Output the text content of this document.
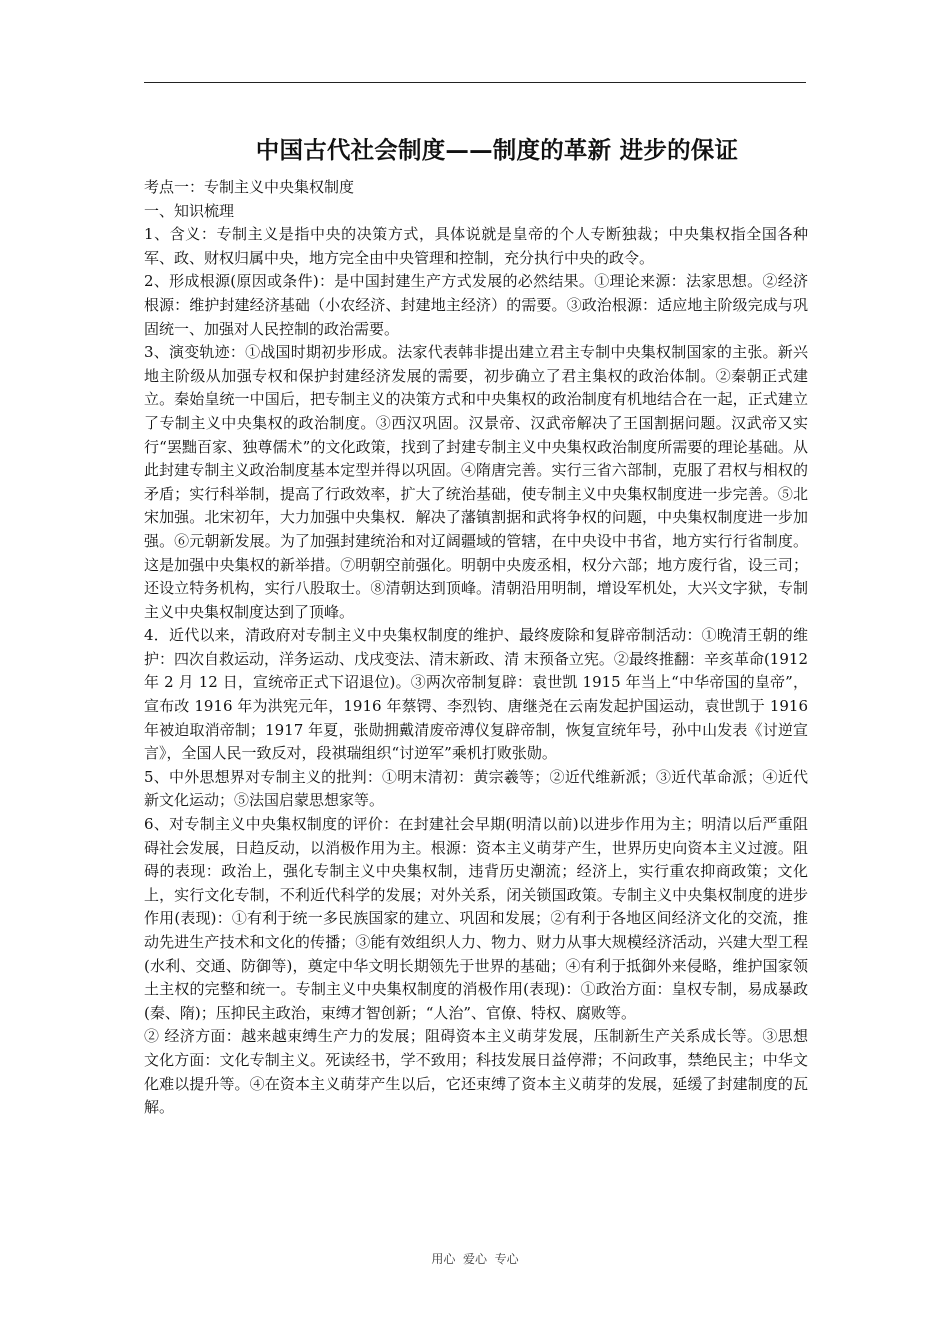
中国古代社会制度——制度的革新 进步的保证

考点一：专制主义中央集权制度

一、知识梳理

1、含义：专制主义是指中央的决策方式，具体说就是皇帝的个人专断独裁；中央集权指全国各种军、政、财权归属中央，地方完全由中央管理和控制，充分执行中央的政令。

2、形成根源(原因或条件)：是中国封建生产方式发展的必然结果。①理论来源：法家思想。②经济根源：维护封建经济基础（小农经济、封建地主经济）的需要。③政治根源：适应地主阶级完成与巩固统一、加强对人民控制的政治需要。

3、演变轨迹：①战国时期初步形成。法家代表韩非提出建立君主专制中央集权制国家的主张。新兴地主阶级从加强专权和保护封建经济发展的需要，初步确立了君主集权的政治体制。②秦朝正式建立。秦始皇统一中国后，把专制主义的决策方式和中央集权的政治制度有机地结合在一起，正式建立了专制主义中央集权的政治制度。③西汉巩固。汉景帝、汉武帝解决了王国割据问题。汉武帝又实行“罢黜百家、独尊儒术”的文化政策，找到了封建专制主义中央集权政治制度所需要的理论基础。从此封建专制主义政治制度基本定型并得以巩固。④隋唐完善。实行三省六部制，克服了君权与相权的矛盾；实行科举制，提高了行政效率，扩大了统治基础，使专制主义中央集权制度进一步完善。⑤北宋加强。北宋初年，大力加强中央集权．解决了藩镇割据和武将争权的问题，中央集权制度进一步加强。⑥元朝新发展。为了加强封建统治和对辽阔疆域的管辖，在中央设中书省，地方实行行省制度。这是加强中央集权的新举措。⑦明朝空前强化。明朝中央废丞相，权分六部；地方废行省，设三司；还设立特务机构，实行八股取士。⑧清朝达到顶峰。清朝沿用明制，增设军机处，大兴文字狱，专制主义中央集权制度达到了顶峰。

4．近代以来，清政府对专制主义中央集权制度的维护、最终废除和复辟帝制活动：①晚清王朝的维护：四次自救运动，洋务运动、戊戌变法、清末新政、清 末预备立宪。②最终推翻：辛亥革命(1912 年 2 月 12 日，宣统帝正式下诏退位)。③两次帝制复辟：袁世凯 1915 年当上“中华帝国的皇帝”，宣布改 1916 年为洪宪元年，1916 年蔡锷、李烈钧、唐继尧在云南发起护国运动，袁世凯于 1916 年被迫取消帝制；1917 年夏，张勋拥戴清废帝溥仪复辟帝制，恢复宣统年号，孙中山发表《讨逆宣言》，全国人民一致反对，段祺瑞组织“讨逆军”乘机打败张勋。

5、中外思想界对专制主义的批判：①明末清初：黄宗羲等；②近代维新派；③近代革命派；④近代新文化运动；⑤法国启蒙思想家等。

6、对专制主义中央集权制度的评价：在封建社会早期(明清以前)以进步作用为主；明清以后严重阻碍社会发展，日趋反动，以消极作用为主。根源：资本主义萌芽产生，世界历史向资本主义过渡。阻碍的表现：政治上，强化专制主义中央集权制，违背历史潮流；经济上，实行重农抑商政策；文化上，实行文化专制，不利近代科学的发展；对外关系，闭关锁国政策。专制主义中央集权制度的进步作用(表现)：①有利于统一多民族国家的建立、巩固和发展；②有利于各地区间经济文化的交流，推动先进生产技术和文化的传播；③能有效组织人力、物力、财力从事大规模经济活动，兴建大型工程(水利、交通、防御等)，奠定中华文明长期领先于世界的基础；④有利于抵御外来侵略，维护国家领土主权的完整和统一。专制主义中央集权制度的消极作用(表现)：①政治方面：皇权专制，易成暴政(秦、隋)；压抑民主政治，束缚才智创新；“人治”、官僚、特权、腐败等。

② 经济方面：越来越束缚生产力的发展；阻碍资本主义萌芽发展，压制新生产关系成长等。③思想文化方面：文化专制主义。死读经书，学不致用；科技发展日益停滞；不问政事，禁绝民主；中华文化难以提升等。④在资本主义萌芽产生以后，它还束缚了资本主义萌芽的发展，延缓了封建制度的瓦解。

用心  爱心  专心
